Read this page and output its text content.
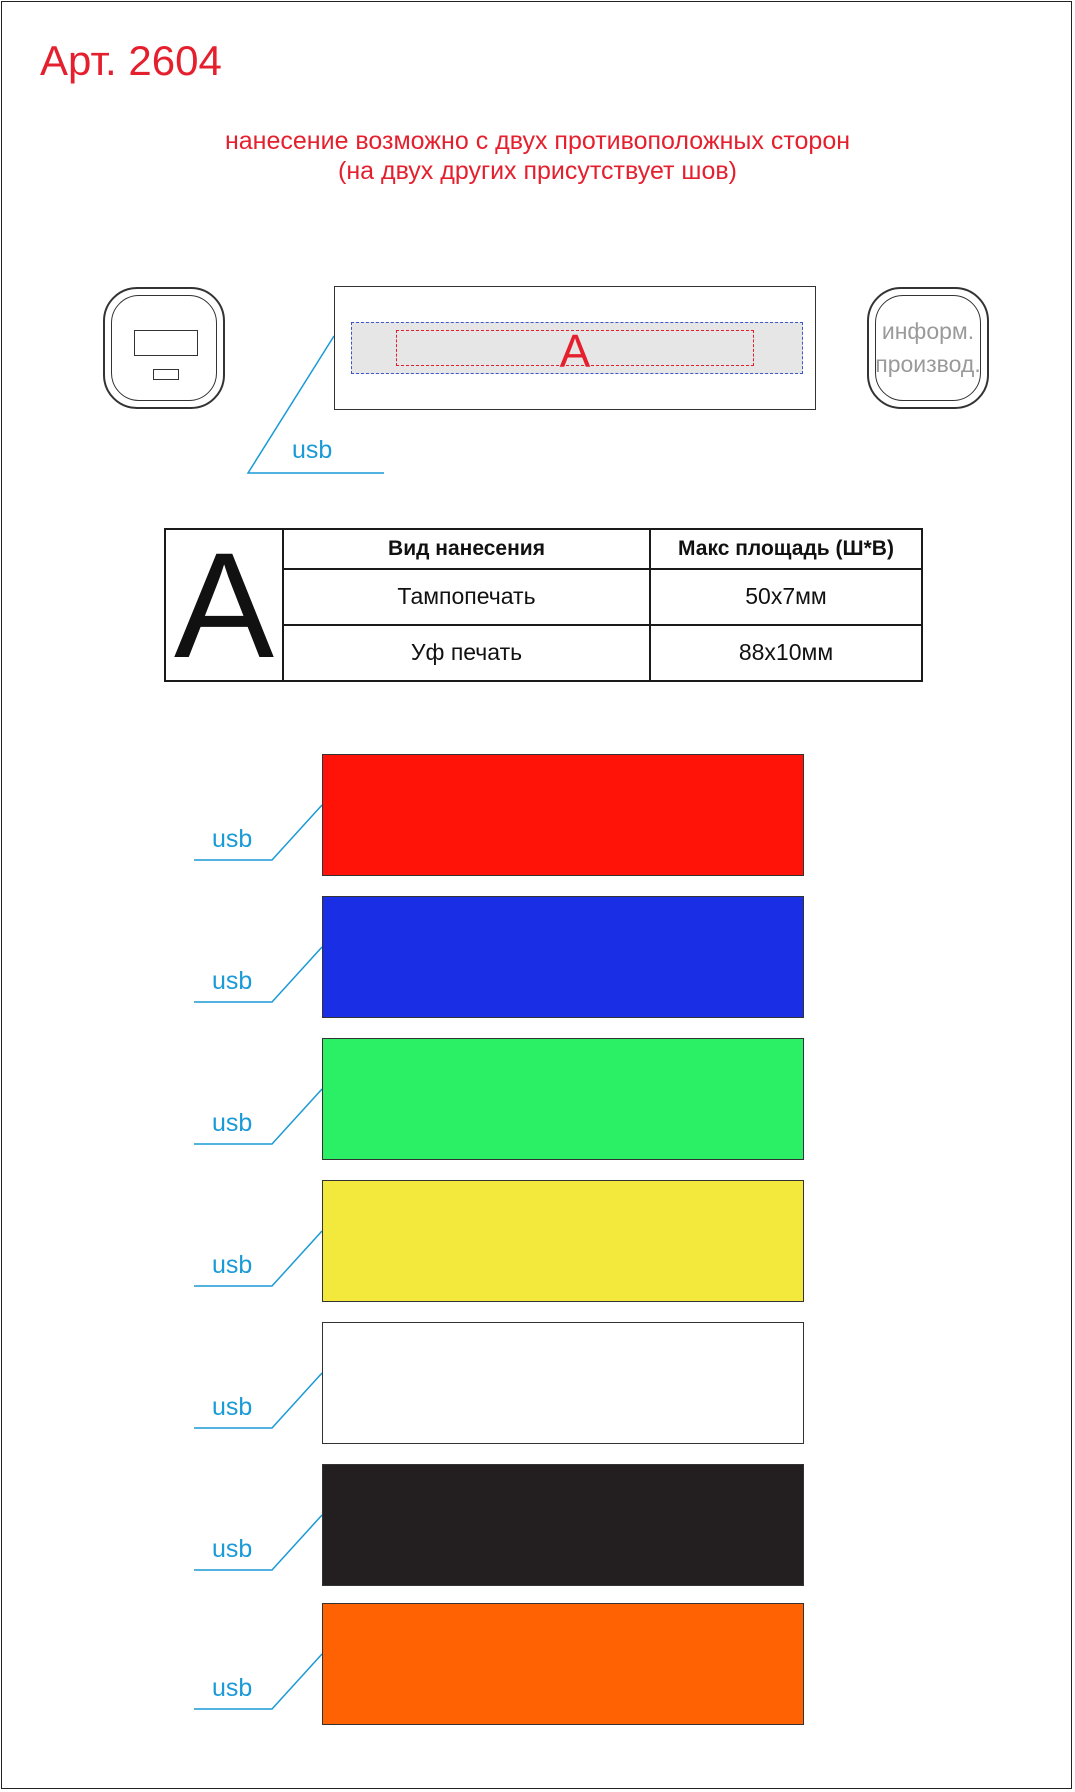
Арт. 2604
нанесение возможно с двух противоположных сторон
(на двух других присутствует шов)
A	информ.
производ.
usb
A	Вид нанесения	Макс площадь (Ш*В)
	Тампопечать	50х7мм
	Уф печать	88х10мм
usb
usb
usb
usb
usb
usb
usb
